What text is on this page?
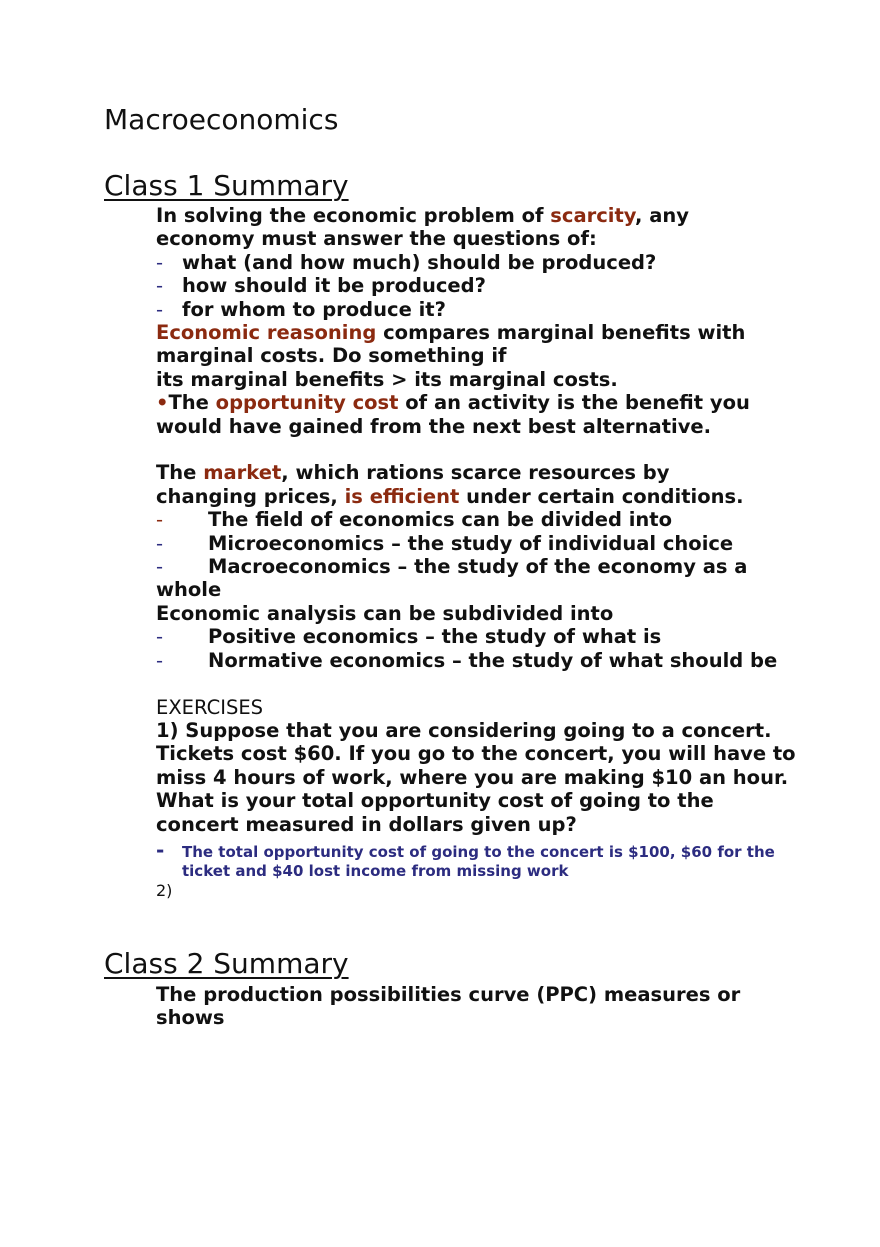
Macroeconomics
Class 1 Summary
In solving the economic problem of scarcity, any
economy must answer the questions of:
- what (and how much) should be produced?
- how should it be produced?
- for whom to produce it?
Economic reasoning compares marginal benefits with
marginal costs. Do something if
its marginal benefits > its marginal costs.
•The opportunity cost of an activity is the benefit you
would have gained from the next best alternative.
The market, which rations scarce resources by
changing prices, is efficient under certain conditions.
- The field of economics can be divided into
- Microeconomics – the study of individual choice
- Macroeconomics – the study of the economy as a whole
Economic analysis can be subdivided into
- Positive economics – the study of what is
- Normative economics – the study of what should be
EXERCISES
1) Suppose that you are considering going to a concert. Tickets cost $60. If you go to the concert, you will have to miss 4 hours of work, where you are making $10 an hour. What is your total opportunity cost of going to the concert measured in dollars given up?
- The total opportunity cost of going to the concert is $100, $60 for the ticket and $40 lost income from missing work
2)
Class 2 Summary
The production possibilities curve (PPC) measures or shows
